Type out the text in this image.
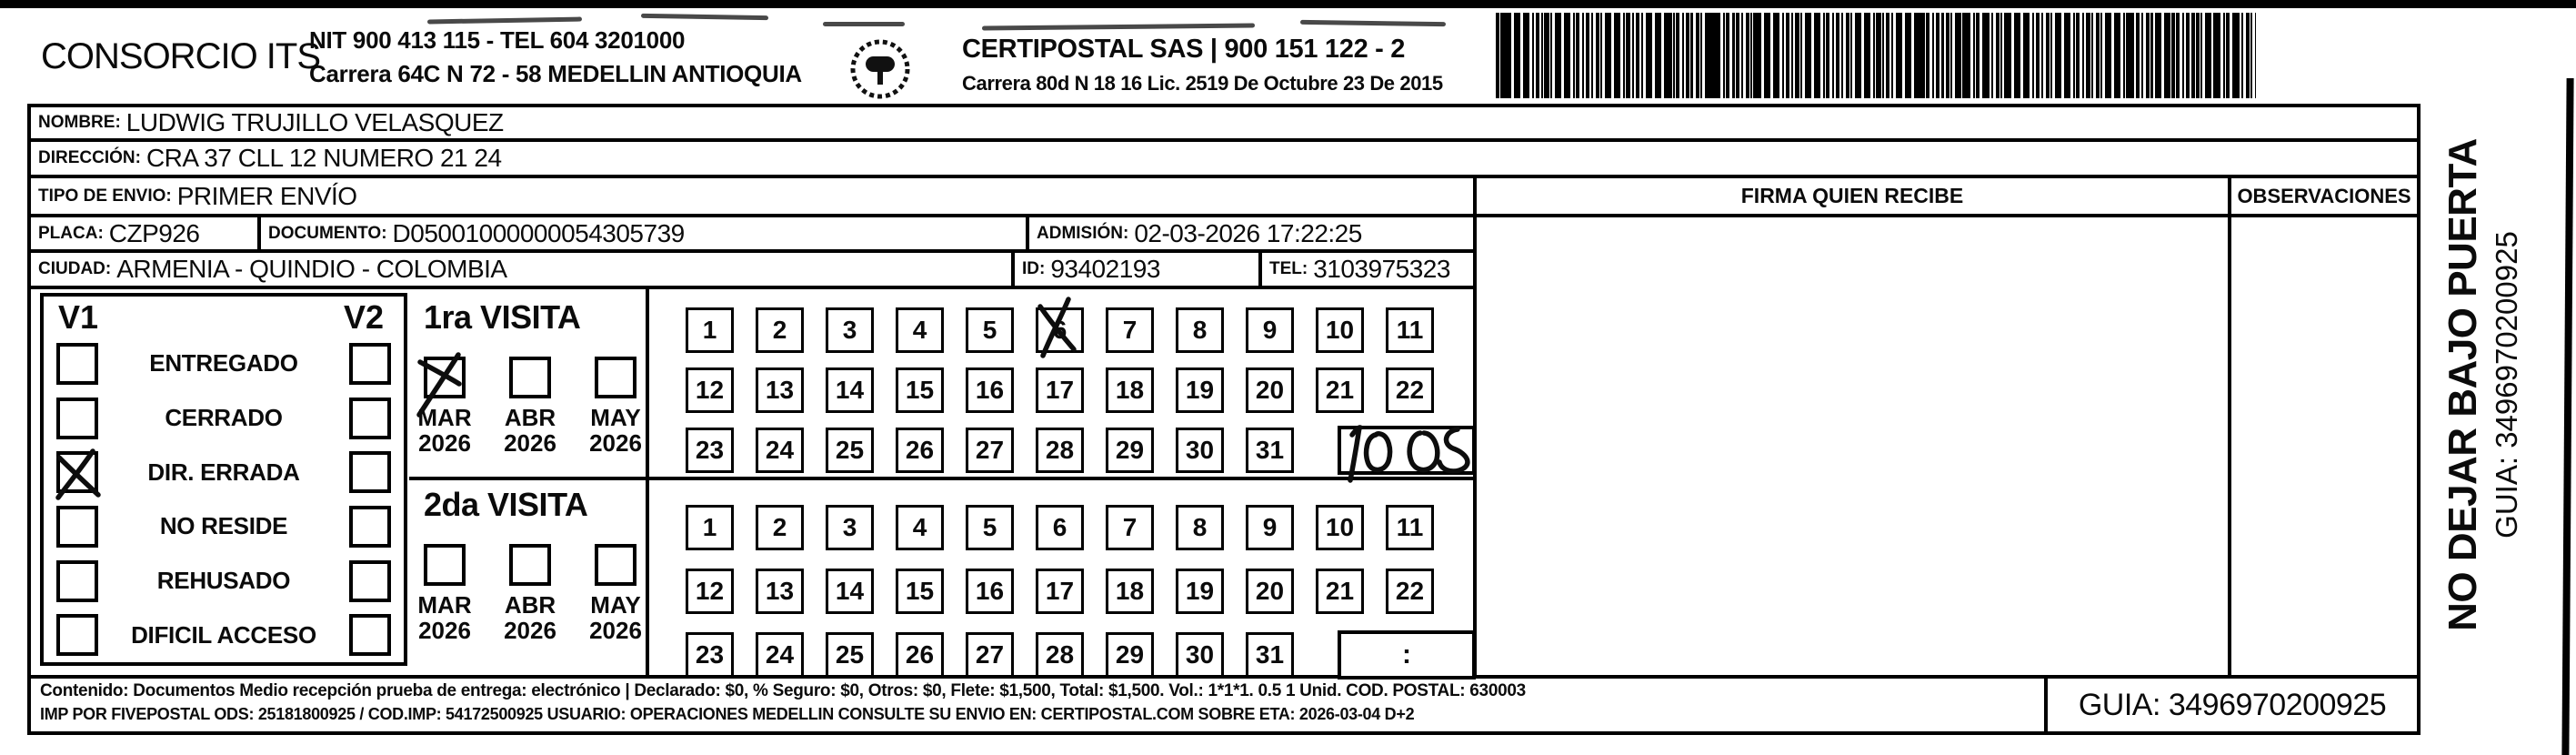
CONSORCIO ITS
NIT 900 413 115 - TEL 604 3201000
Carrera 64C N 72 - 58 MEDELLIN ANTIOQUIA
CERTIPOSTAL SAS | 900 151 122 - 2
Carrera 80d N 18 16 Lic. 2519 De Octubre 23 De 2015
NOMBRE: LUDWIG TRUJILLO VELASQUEZ
DIRECCIÓN: CRA 37 CLL 12 NUMERO 21 24
TIPO DE ENVIO: PRIMER ENVÍO
PLACA: CZP926	DOCUMENTO: D05001000000054305739	ADMISIÓN: 02-03-2026 17:22:25
CIUDAD: ARMENIA - QUINDIO - COLOMBIA	ID: 93402193	TEL: 3103975323
V1	V2
ENTREGADO
CERRADO
DIR. ERRADA
NO RESIDE
REHUSADO
DIFICIL ACCESO
1ra VISITA
MAR
2026
ABR
2026
MAY
2026
1	2	3	4	5	6	7	8	9	10	11
12	13	14	15	16	17	18	19	20	21	22
23	24	25	26	27	28	29	30	31
2da VISITA
MAR
2026
ABR
2026
MAY
2026
1	2	3	4	5	6	7	8	9	10	11
12	13	14	15	16	17	18	19	20	21	22
23	24	25	26	27	28	29	30	31	:
FIRMA QUIEN RECIBE	OBSERVACIONES
Contenido: Documentos Medio recepción prueba de entrega: electrónico | Declarado: $0, % Seguro: $0, Otros: $0, Flete: $1,500, Total: $1,500. Vol.: 1*1*1. 0.5 1 Unid. COD. POSTAL: 630003
IMP POR FIVEPOSTAL ODS: 25181800925 / COD.IMP: 54172500925 USUARIO: OPERACIONES MEDELLIN CONSULTE SU ENVIO EN: CERTIPOSTAL.COM SOBRE ETA: 2026-03-04 D+2	GUIA: 3496970200925
NO DEJAR BAJO PUERTA GUIA: 3496970200925
